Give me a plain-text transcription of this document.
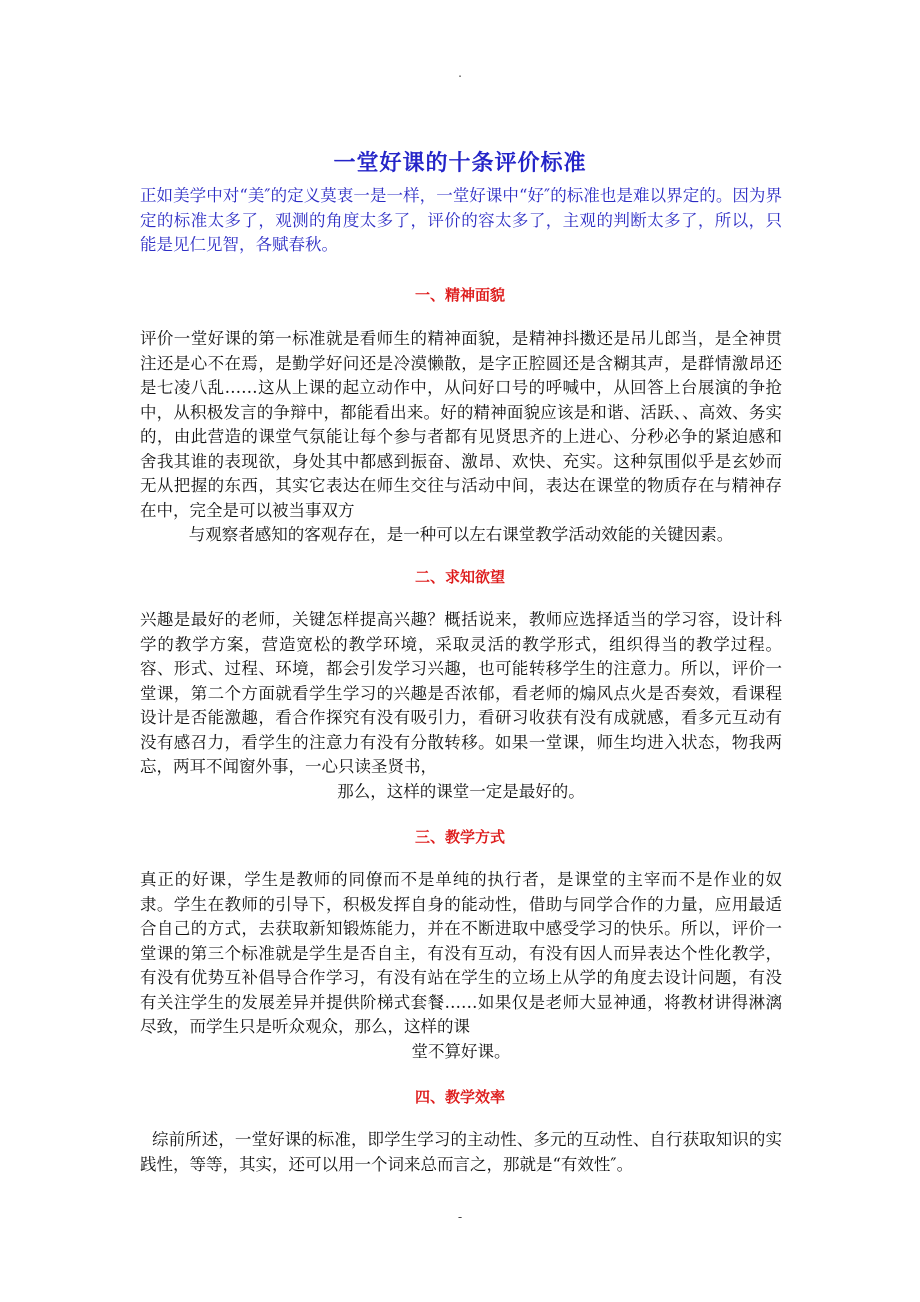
.
一堂好课的十条评价标准

正如美学中对“美″的定义莫衷一是一样，一堂好课中“好″的标准也是难以界定的。因为界定的标准太多了，观测的角度太多了，评价的容太多了，主观的判断太多了，所以，只能是见仁见智，各赋春秋。

一、精神面貌
评价一堂好课的第一标准就是看师生的精神面貌，是精神抖擞还是吊儿郎当，是全神贯注还是心不在焉，是勤学好问还是冷漠懒散，是字正腔圆还是含糊其声，是群情激昂还是七凌八乱……这从上课的起立动作中，从问好口号的呼喊中，从回答上台展演的争抢中，从积极发言的争辩中，都能看出来。好的精神面貌应该是和谐、活跃、、高效、务实的，由此营造的课堂气氛能让每个参与者都有见贤思齐的上进心、分秒必争的紧迫感和舍我其谁的表现欲，身处其中都感到振奋、激昂、欢快、充实。这种氛围似乎是玄妙而无从把握的东西，其实它表达在师生交往与活动中间，表达在课堂的物质存在与精神存在中，完全是可以被当事双方
与观察者感知的客观存在，是一种可以左右课堂教学活动效能的关键因素。
二、求知欲望
兴趣是最好的老师，关键怎样提高兴趣？概括说来，教师应选择适当的学习容，设计科学的教学方案，营造宽松的教学环境，采取灵活的教学形式，组织得当的教学过程。容、形式、过程、环境，都会引发学习兴趣，也可能转移学生的注意力。所以，评价一堂课，第二个方面就看学生学习的兴趣是否浓郁，看老师的煽风点火是否奏效，看课程设计是否能激趣，看合作探究有没有吸引力，看研习收获有没有成就感，看多元互动有没有感召力，看学生的注意力有没有分散转移。如果一堂课，师生均进入状态，物我两忘，两耳不闻窗外事，一心只读圣贤书，
那么，这样的课堂一定是最好的。
三、教学方式
真正的好课，学生是教师的同僚而不是单纯的执行者，是课堂的主宰而不是作业的奴隶。学生在教师的引导下，积极发挥自身的能动性，借助与同学合作的力量，应用最适合自己的方式，去获取新知锻炼能力，并在不断进取中感受学习的快乐。所以，评价一堂课的第三个标准就是学生是否自主，有没有互动，有没有因人而异表达个性化教学，有没有优势互补倡导合作学习，有没有站在学生的立场上从学的角度去设计问题，有没有关注学生的发展差异并提供阶梯式套餐……如果仅是老师大显神通，将教材讲得淋漓尽致，而学生只是听众观众，那么，这样的课
堂不算好课。
四、教学效率

综前所述，一堂好课的标准，即学生学习的主动性、多元的互动性、自行获取知识的实践性，等等，其实，还可以用一个词来总而言之，那就是“有效性″。

-
